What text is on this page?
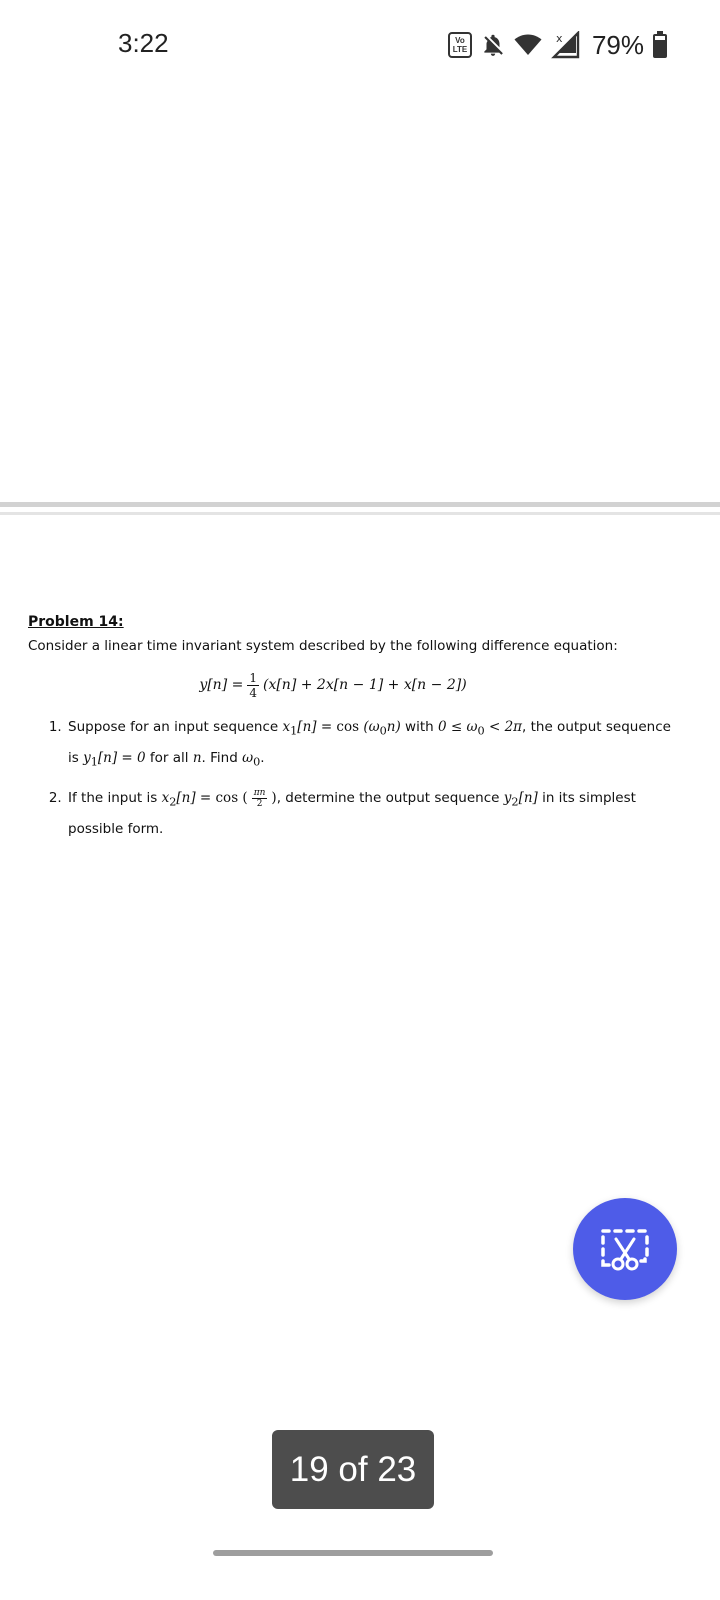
3:22	Vo
LTE
x 79%
Problem 14:
Consider a linear time invariant system described by the following difference equation:
$y[n] = \frac{1}{4} (x[n] + 2x[n - 1] + x[n - 2])$
1. Suppose for an input sequence $x_1[n] = \cos (\omega_0n)$ with $0 \le \omega_0 < 2\pi$, the output sequence is $y_1[n] = 0$ for all n. Find $\omega_0$.
2. If the input is $x_2[n] = \cos$ ( $\frac{\pi n}{2}$ ), determine the output sequence $y_2[n]$ in its simplest possible form.
19 of 23
